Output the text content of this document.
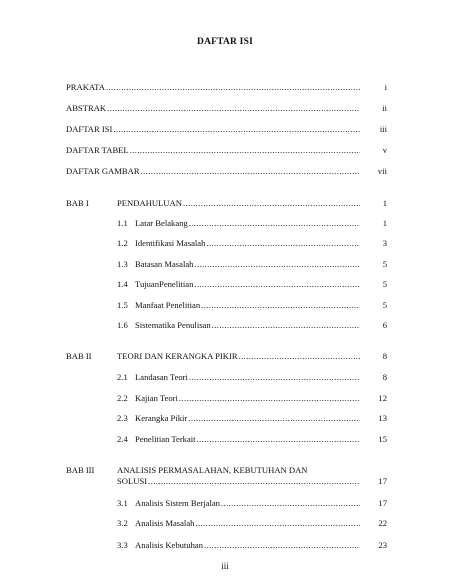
DAFTAR ISI
PRAKATA .....	i
ABSTRAK .....	ii
DAFTAR ISI .....	iii
DAFTAR TABEL .....	v
DAFTAR GAMBAR .....	vii
BAB I	PENDAHULUAN .....	1
1.1 Latar Belakang .....	1
1.2 Identifikasi Masalah .....	3
1.3 Batasan Masalah .....	5
1.4 TujuanPenelitian .....	5
1.5 Manfaat Penelitian .....	5
1.6 Sistematika Penulisan .....	6
BAB II	TEORI DAN KERANGKA PIKIR .....	8
2.1 Landasan Teori .....	8
2.2 Kajian Teori .....	12
2.3 Kerangka Pikir .....	13
2.4 Penelitian Terkait .....	15
BAB III	ANALISIS PERMASALAHAN, KEBUTUHAN DAN
SOLUSI .....	17
3.1 Analisis Sistem Berjalan .....	17
3.2 Analisis Masalah .....	22
3.3 Analisis Kebutuhan .....	23
iii
